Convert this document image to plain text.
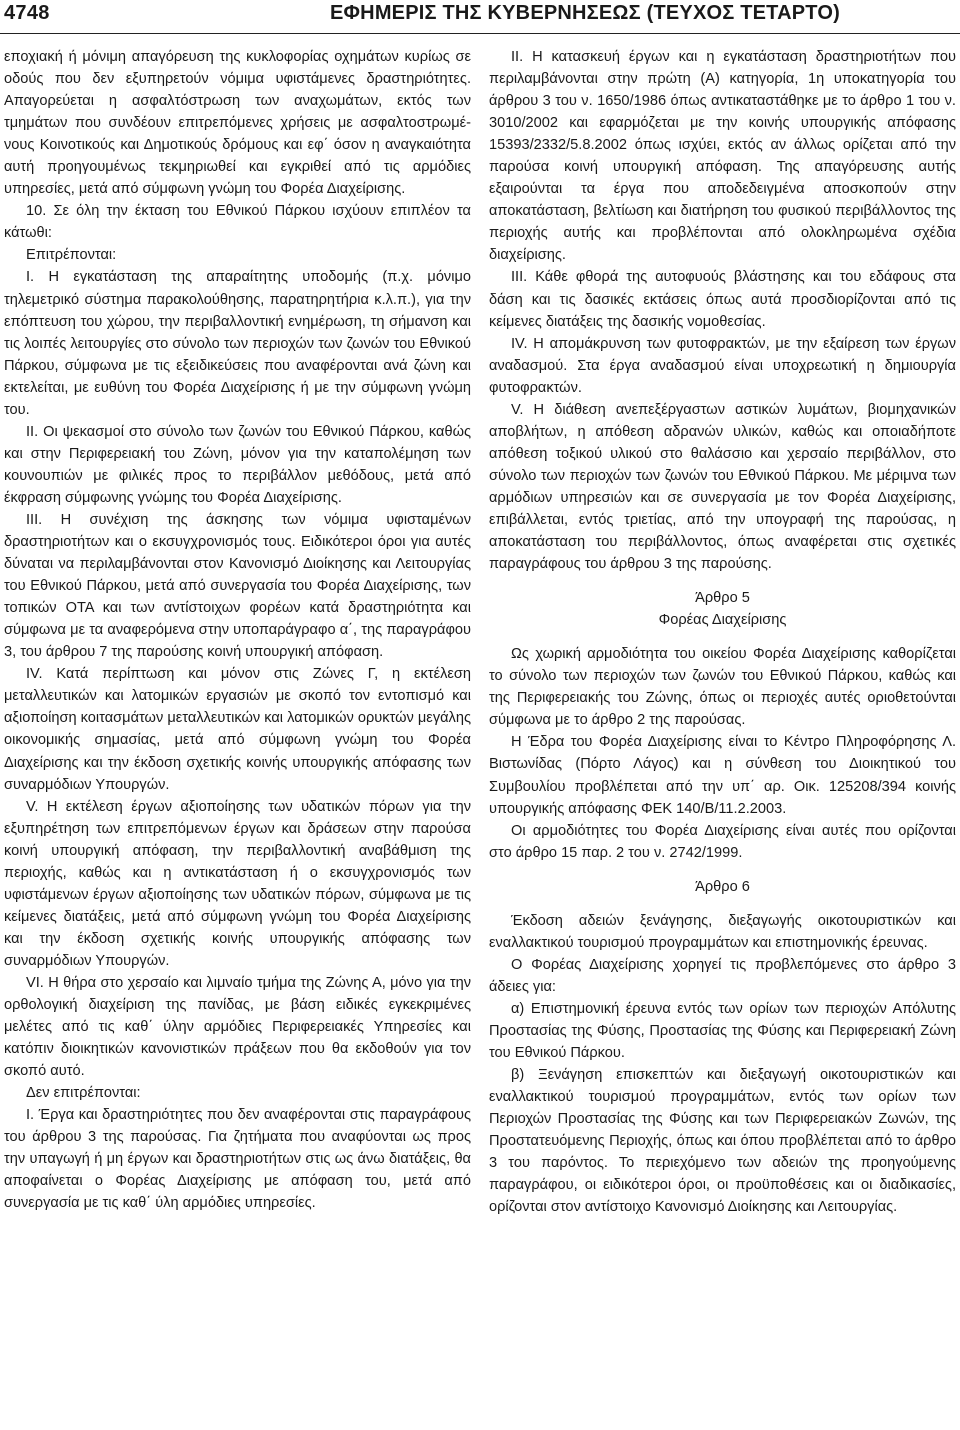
4748	ΕΦΗΜΕΡΙΣ ΤΗΣ ΚΥΒΕΡΝΗΣΕΩΣ (ΤΕΥΧΟΣ ΤΕΤΑΡΤΟ)

εποχιακή ή μόνιμη απαγόρευση της κυκλοφορίας οχημάτων κυρίως σε οδούς που δεν εξυπηρετούν νόμιμα υφιστάμενες δραστηριότητες. Απαγορεύεται η ασφαλτόστρωση των αναχωμάτων, εκτός των τμημάτων που συνδέουν επιτρεπόμενες χρήσεις με ασφαλτοστρωμένους Κοινοτικούς και Δημοτικούς δρόμους και εφ΄ όσον η αναγκαιότητα αυτή προηγουμένως τεκμηριωθεί και εγκριθεί από τις αρμόδιες υπηρεσίες, μετά από σύμφωνη γνώμη του Φορέα Διαχείρισης.

10. Σε όλη την έκταση του Εθνικού Πάρκου ισχύουν επιπλέον τα κάτωθι:

Επιτρέπονται:

Ι. Η εγκατάσταση της απαραίτητης υποδομής (π.χ. μόνιμο τηλεμετρικό σύστημα παρακολούθησης, παρατηρητήρια κ.λ.π.), για την επόπτευση του χώρου, την περιβαλλοντική ενημέρωση, τη σήμανση και τις λοιπές λειτουργίες στο σύνολο των περιοχών των ζωνών του Εθνικού Πάρκου, σύμφωνα με τις εξειδικεύσεις που αναφέρονται ανά ζώνη και εκτελείται, με ευθύνη του Φορέα Διαχείρισης ή με την σύμφωνη γνώμη του.

ΙΙ. Οι ψεκασμοί στο σύνολο των ζωνών του Εθνικού Πάρκου, καθώς και στην Περιφερειακή του Ζώνη, μόνον για την καταπολέμηση των κουνουπιών με φιλικές προς το περιβάλλον μεθόδους, μετά από έκφραση σύμφωνης γνώμης του Φορέα Διαχείρισης.

ΙΙΙ. Η συνέχιση της άσκησης των νόμιμα υφισταμένων δραστηριοτήτων και ο εκσυγχρονισμός τους. Ειδικότεροι όροι για αυτές δύναται να περιλαμβάνονται στον Κανονισμό Διοίκησης και Λειτουργίας του Εθνικού Πάρκου, μετά από συνεργασία του Φορέα Διαχείρισης, των τοπικών ΟΤΑ και των αντίστοιχων φορέων κατά δραστηριότητα και σύμφωνα με τα αναφερόμενα στην υποπαράγραφο α΄, της παραγράφου 3, του άρθρου 7 της παρούσης κοινή υπουργική απόφαση.

IV. Κατά περίπτωση και μόνον στις Ζώνες Γ, η εκτέλεση μεταλλευτικών και λατομικών εργασιών με σκοπό τον εντοπισμό και αξιοποίηση κοιτασμάτων μεταλλευτικών και λατομικών ορυκτών μεγάλης οικονομικής σημασίας, μετά από σύμφωνη γνώμη του Φορέα Διαχείρισης και την έκδοση σχετικής κοινής υπουργικής απόφασης των συναρμόδιων Υπουργών.

V. Η εκτέλεση έργων αξιοποίησης των υδατικών πόρων για την εξυπηρέτηση των επιτρεπόμενων έργων και δράσεων στην παρούσα κοινή υπουργική απόφαση, την περιβαλλοντική αναβάθμιση της περιοχής, καθώς και η αντικατάσταση ή ο εκσυγχρονισμός των υφιστάμενων έργων αξιοποίησης των υδατικών πόρων, σύμφωνα με τις κείμενες διατάξεις, μετά από σύμφωνη γνώμη του Φορέα Διαχείρισης και την έκδοση σχετικής κοινής υπουργικής απόφασης των συναρμόδιων Υπουργών.

VI. Η θήρα στο χερσαίο και λιμναίο τμήμα της Ζώνης Α, μόνο για την ορθολογική διαχείριση της πανίδας, με βάση ειδικές εγκεκριμένες μελέτες από τις καθ΄ ύλην αρμόδιες Περιφερειακές Υπηρεσίες και κατόπιν διοικητικών κανονιστικών πράξεων που θα εκδοθούν για τον σκοπό αυτό.

Δεν επιτρέπονται:

Ι. Έργα και δραστηριότητες που δεν αναφέρονται στις παραγράφους του άρθρου 3 της παρούσας. Για ζητήματα που αναφύονται ως προς την υπαγωγή ή μη έργων και δραστηριοτήτων στις ως άνω διατάξεις, θα αποφαίνεται ο Φορέας Διαχείρισης με απόφαση του, μετά από συνεργασία με τις καθ΄ ύλη αρμόδιες υπηρεσίες.

ΙΙ. Η κατασκευή έργων και η εγκατάσταση δραστηριοτήτων που περιλαμβάνονται στην πρώτη (Α) κατηγορία, 1η υποκατηγορία του άρθρου 3 του ν. 1650/1986 όπως αντικαταστάθηκε με το άρθρο 1 του ν. 3010/2002 και εφαρμόζεται με την κοινής υπουργικής απόφασης 15393/2332/5.8.2002 όπως ισχύει, εκτός αν άλλως ορίζεται από την παρούσα κοινή υπουργική απόφαση. Της απαγόρευσης αυτής εξαιρούνται τα έργα που αποδεδειγμένα αποσκοπούν στην αποκατάσταση, βελτίωση και διατήρηση του φυσικού περιβάλλοντος της περιοχής αυτής και προβλέπονται από ολοκληρωμένα σχέδια διαχείρισης.

ΙΙΙ. Κάθε φθορά της αυτοφυούς βλάστησης και του εδάφους στα δάση και τις δασικές εκτάσεις όπως αυτά προσδιορίζονται από τις κείμενες διατάξεις της δασικής νομοθεσίας.

IV. Η απομάκρυνση των φυτοφρακτών, με την εξαίρεση των έργων αναδασμού. Στα έργα αναδασμού είναι υποχρεωτική η δημιουργία φυτοφρακτών.

V. Η διάθεση ανεπεξέργαστων αστικών λυμάτων, βιομηχανικών αποβλήτων, η απόθεση αδρανών υλικών, καθώς και οποιαδήποτε απόθεση τοξικού υλικού στο θαλάσσιο και χερσαίο περιβάλλον, στο σύνολο των περιοχών των ζωνών του Εθνικού Πάρκου. Με μέριμνα των αρμόδιων υπηρεσιών και σε συνεργασία με τον Φορέα Διαχείρισης, επιβάλλεται, εντός τριετίας, από την υπογραφή της παρούσας, η αποκατάσταση του περιβάλλοντος, όπως αναφέρεται στις σχετικές παραγράφους του άρθρου 3 της παρούσης.

Άρθρο 5

Φορέας Διαχείρισης

Ως χωρική αρμοδιότητα του οικείου Φορέα Διαχείρισης καθορίζεται το σύνολο των περιοχών των ζωνών του Εθνικού Πάρκου, καθώς και της Περιφερειακής του Ζώνης, όπως οι περιοχές αυτές οριοθετούνται σύμφωνα με το άρθρο 2 της παρούσας.

Η Έδρα του Φορέα Διαχείρισης είναι το Κέντρο Πληροφόρησης Λ. Βιστωνίδας (Πόρτο Λάγος) και η σύνθεση του Διοικητικού του Συμβουλίου προβλέπεται από την υπ΄ αρ. Οικ. 125208/394 κοινής υπουργικής απόφασης ΦΕΚ 140/Β/11.2.2003.

Οι αρμοδιότητες του Φορέα Διαχείρισης είναι αυτές που ορίζονται στο άρθρο 15 παρ. 2 του ν. 2742/1999.

Άρθρο 6

Έκδοση αδειών ξενάγησης, διεξαγωγής οικοτουριστικών και εναλλακτικού τουρισμού προγραμμάτων και επιστημονικής έρευνας.

Ο Φορέας Διαχείρισης χορηγεί τις προβλεπόμενες στο άρθρο 3 άδειες για:

α) Επιστημονική έρευνα εντός των ορίων των περιοχών Απόλυτης Προστασίας της Φύσης, Προστασίας της Φύσης και Περιφερειακή Ζώνη του Εθνικού Πάρκου.

β) Ξενάγηση επισκεπτών και διεξαγωγή οικοτουριστικών και εναλλακτικού τουρισμού προγραμμάτων, εντός των ορίων των Περιοχών Προστασίας της Φύσης και των Περιφερειακών Ζωνών, της Προστατευόμενης Περιοχής, όπως και όπου προβλέπεται από το άρθρο 3 του παρόντος. Το περιεχόμενο των αδειών της προηγούμενης παραγράφου, οι ειδικότεροι όροι, οι προϋποθέσεις και οι διαδικασίες, ορίζονται στον αντίστοιχο Κανονισμό Διοίκησης και Λειτουργίας.
